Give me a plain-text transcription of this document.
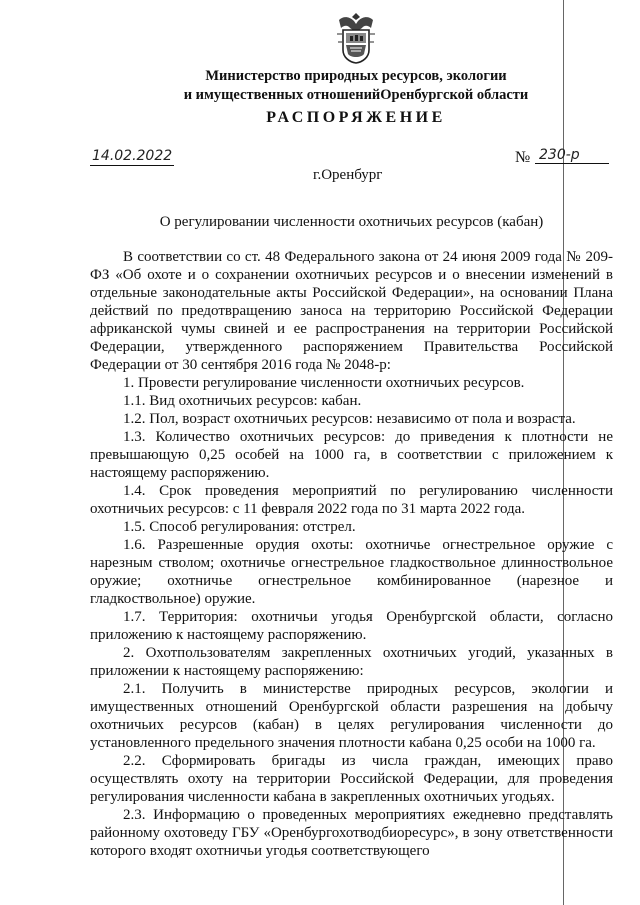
Министерство природных ресурсов, экологии
и имущественных отношенийОренбургской области
РАСПОРЯЖЕНИЕ
14.02.2022	№ 230-р
г.Оренбург
О регулировании численности охотничьих ресурсов (кабан)

В соответствии со ст. 48 Федерального закона от 24 июня 2009 года № 209-ФЗ «Об охоте и о сохранении охотничьих ресурсов и о внесении изменений в отдельные законодательные акты Российской Федерации», на основании Плана действий по предотвращению заноса на территорию Российской Федерации африканской чумы свиней и ее распространения на территории Российской Федерации, утвержденного распоряжением Правительства Российской Федерации от 30 сентября 2016 года № 2048-р:

1. Провести регулирование численности охотничьих ресурсов.

1.1. Вид охотничьих ресурсов: кабан.

1.2. Пол, возраст охотничьих ресурсов: независимо от пола и возраста.

1.3. Количество охотничьих ресурсов: до приведения к плотности не превышающую 0,25 особей на 1000 га, в соответствии с приложением к настоящему распоряжению.

1.4. Срок проведения мероприятий по регулированию численности охотничьих ресурсов: с 11 февраля 2022 года по 31 марта 2022 года.

1.5. Способ регулирования: отстрел.

1.6. Разрешенные орудия охоты: охотничье огнестрельное оружие с нарезным стволом; охотничье огнестрельное гладкоствольное длинноствольное оружие; охотничье огнестрельное комбинированное (нарезное и гладкоствольное) оружие.

1.7. Территория: охотничьи угодья Оренбургской области, согласно приложению к настоящему распоряжению.

2. Охотпользователям закрепленных охотничьих угодий, указанных в приложении к настоящему распоряжению:

2.1. Получить в министерстве природных ресурсов, экологии и имущественных отношений Оренбургской области разрешения на добычу охотничьих ресурсов (кабан) в целях регулирования численности до установленного предельного значения плотности кабана 0,25 особи на 1000 га.

2.2. Сформировать бригады из числа граждан, имеющих право осуществлять охоту на территории Российской Федерации, для проведения регулирования численности кабана в закрепленных охотничьих угодьях.

2.3. Информацию о проведенных мероприятиях ежедневно представлять районному охотоведу ГБУ «Оренбургохотводбиоресурс», в зону ответственности которого входят охотничьи угодья соответствующего
